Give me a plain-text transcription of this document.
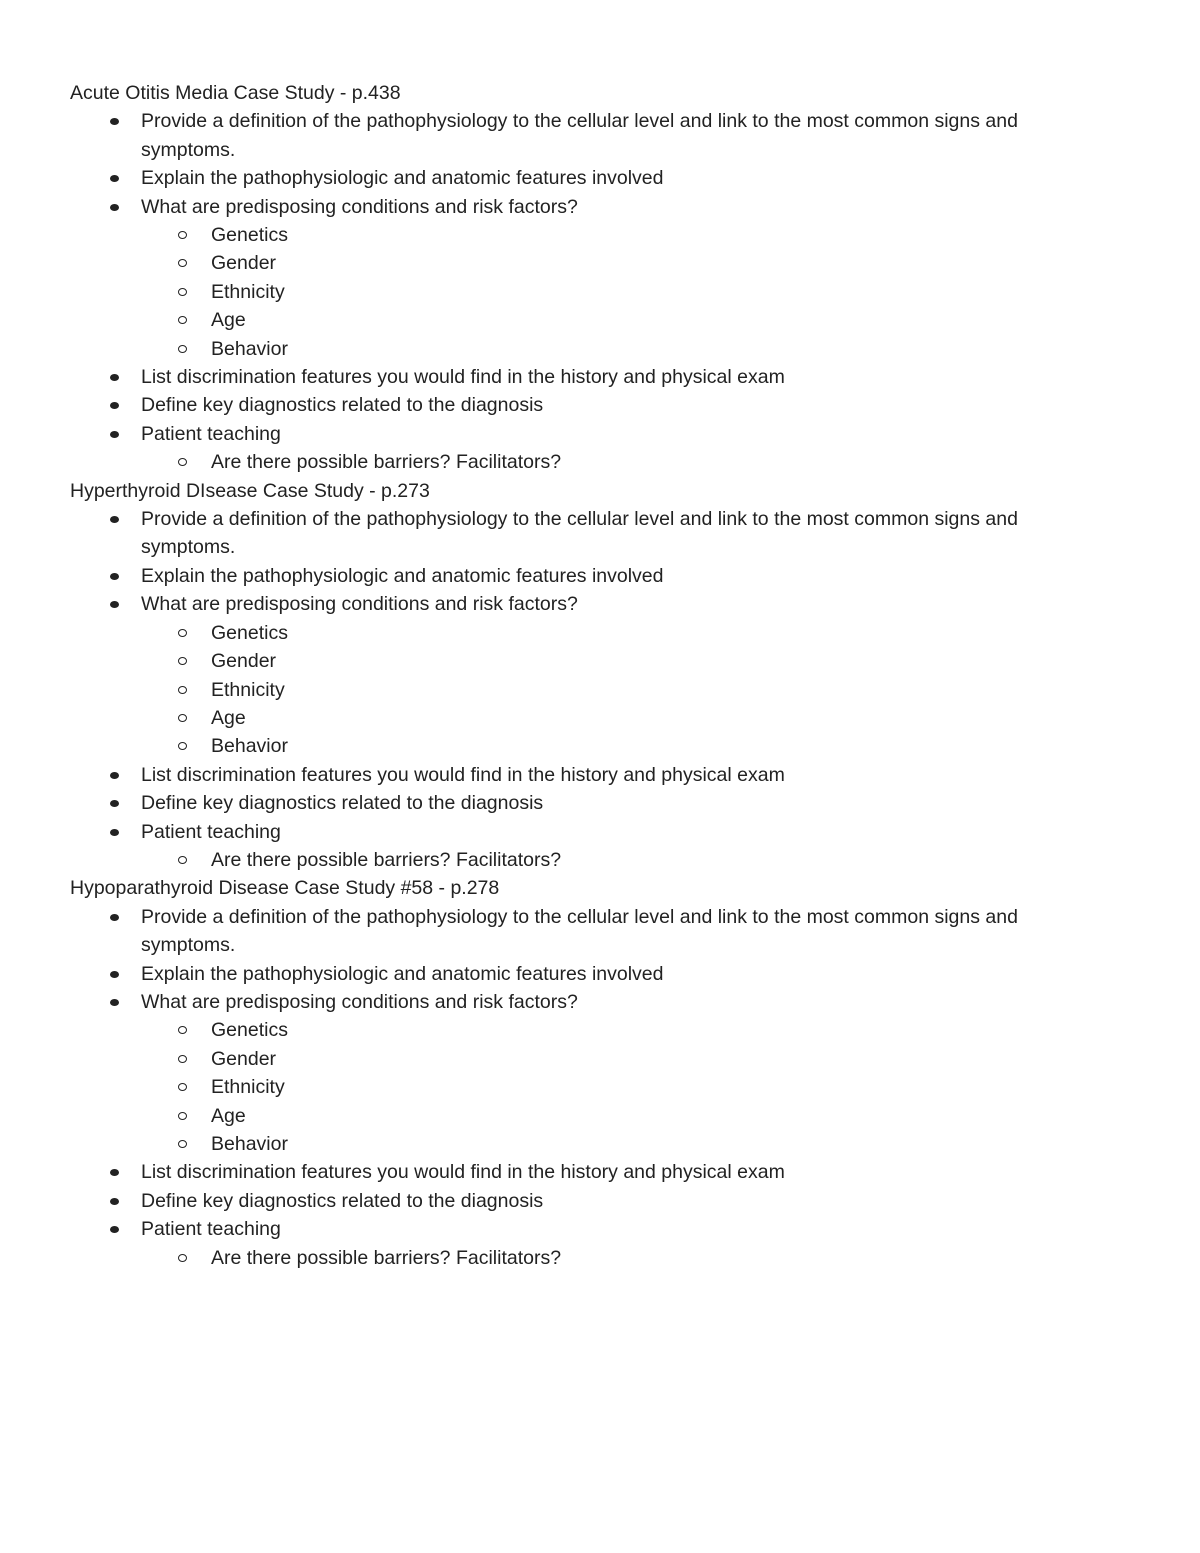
Acute Otitis Media Case Study - p.438
Provide a definition of the pathophysiology to the cellular level and link to the most common signs and symptoms.
Explain the pathophysiologic and anatomic features involved
What are predisposing conditions and risk factors?
Genetics
Gender
Ethnicity
Age
Behavior
List discrimination features you would find in the history and physical exam
Define key diagnostics related to the diagnosis
Patient teaching
Are there possible barriers? Facilitators?
Hyperthyroid DIsease Case Study - p.273
Provide a definition of the pathophysiology to the cellular level and link to the most common signs and symptoms.
Explain the pathophysiologic and anatomic features involved
What are predisposing conditions and risk factors?
Genetics
Gender
Ethnicity
Age
Behavior
List discrimination features you would find in the history and physical exam
Define key diagnostics related to the diagnosis
Patient teaching
Are there possible barriers? Facilitators?
Hypoparathyroid Disease Case Study #58 - p.278
Provide a definition of the pathophysiology to the cellular level and link to the most common signs and symptoms.
Explain the pathophysiologic and anatomic features involved
What are predisposing conditions and risk factors?
Genetics
Gender
Ethnicity
Age
Behavior
List discrimination features you would find in the history and physical exam
Define key diagnostics related to the diagnosis
Patient teaching
Are there possible barriers? Facilitators?
